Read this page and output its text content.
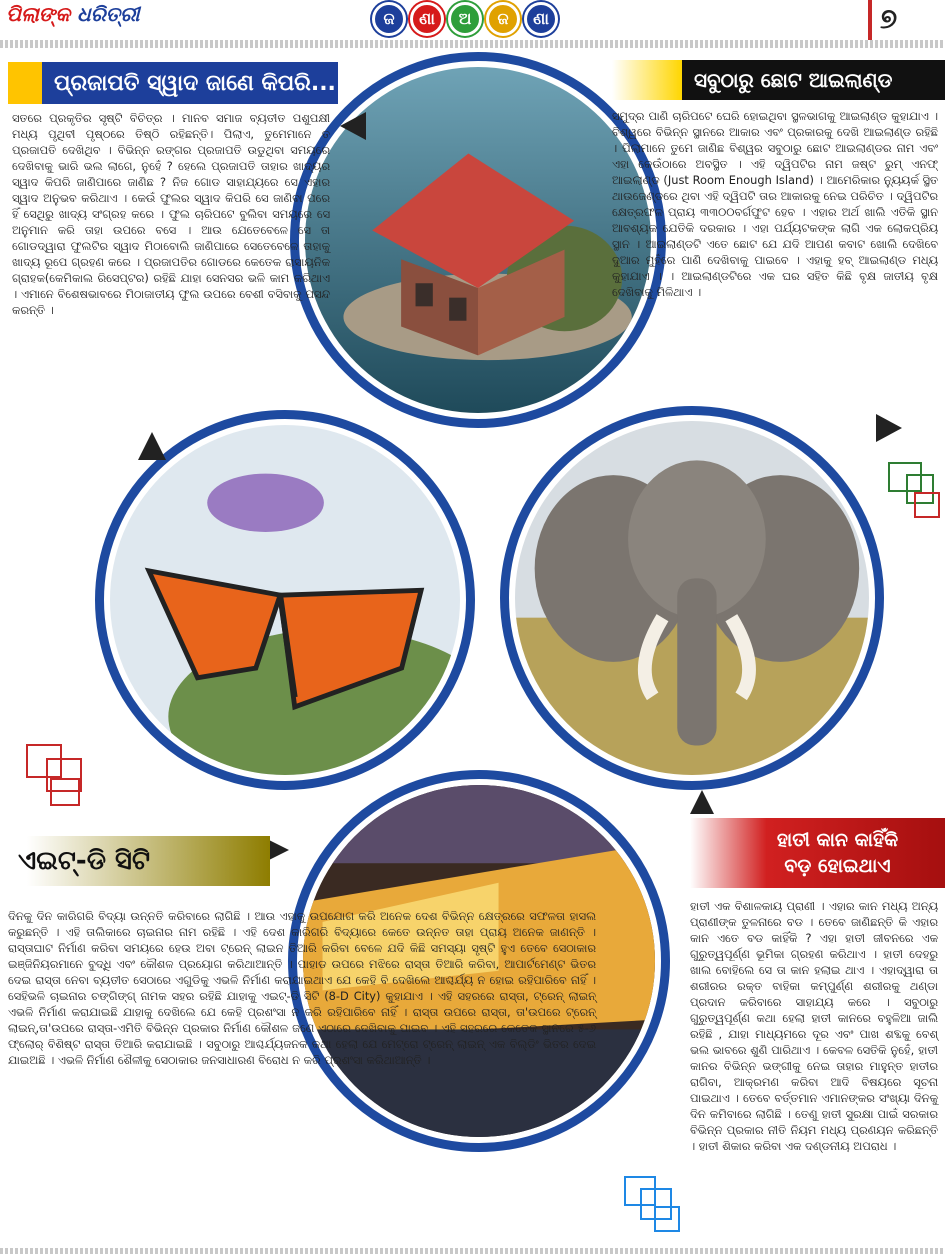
ପିଲାଙ୍କ ଧରିତ୍ରୀ	ଜ ଣା ଅ ଜ ଣା	୭
ପ୍ରଜାପତି ସ୍ୱାଦ ଜାଣେ କିପରି...	ସବୁଠାରୁ ଛୋଟ ଆଇଲାଣ୍ଡ
ଏଇଟ୍‌-ଡି ସିଟି
ହାତୀ କାନ କାହିଁକି
ବଡ଼ ହୋଇଥାଏ
ସତରେ ପ୍ରକୃତିର ସୃଷ୍ଟି ବିଚିତ୍ର । ମାନବ ସମାଜ ବ୍ୟତୀତ ପଶୁପକ୍ଷୀ ମଧ୍ୟ ପୃଥିବୀ ପୃଷ୍ଠରେ ତିଷ୍ଠି ରହିଛନ୍ତି। ପିଲାଏ, ତୁମେମାନେ ତ ପ୍ରଜାପତି ଦେଖିଥିବ । ବିଭିନ୍ନ ରଙ୍ଗର ପ୍ରଜାପତି ଉଡୁଥିବା ସମୟରେ ଦେଖିବାକୁ ଭାରି ଭଲ ଲାଗେ, ନୁହେଁ ? ହେଲେ ପ୍ରଜାପତି ତାହାର ଖାଦ୍ୟର ସ୍ୱାଦ କିପରି ଜାଣିପାରେ ଜାଣିଛ ? ନିଜ ଗୋଡ ସାହାଯ୍ୟରେ ସେ ଏହାର ସ୍ୱାଦ ଅନୁଭବ କରିଥାଏ । କେଉଁ ଫୁଲର ସ୍ୱାଦ କିପରି ସେ ଜାଣିବା ପରେ ହିଁ ସେଥିରୁ ଖାଦ୍ୟ ସଂଗ୍ରହ କରେ । ଫୁଲ ଚାରିପଟେ ବୁଲିବା ସମୟରେ ସେ ଅନୁମାନ କରି ତାହା ଉପରେ ବସେ । ଆଉ ଯେତେବେଳେ ସେ ତା ଗୋଡଦ୍ୱାରା ଫୁଲଟିର ସ୍ୱାଦ ମିଠାବୋଲି ଜାଣିପାରେ ସେତେବେଳେ ତାହାକୁ ଖାଦ୍ୟ ରୂପେ ଗ୍ରହଣ କରେ । ପ୍ରଜାପତିର ଗୋଡରେ କେତେକ ରାସାୟନିକ ଗ୍ରାହକ(କେମିକାଲ ରିସେପ୍ଟର) ରହିଛି ଯାହା ସେନସର ଭଳି କାମ କରିଥାଏ । ଏମାନେ ବିଶେଷଭାବରେ ମିଠାଜାତୀୟ ଫୁଲ ଉପରେ ବେଶୀ ବସିବାକୁ ପସନ୍ଦ କରନ୍ତି ।
ସମୁଦ୍ର ପାଣି ଚାରିପଟେ ଘେରି ହୋଇଥିବା ସ୍ଥଳଭାଗକୁ ଆଇଲାଣ୍ଡ କୁହାଯାଏ । ବିଶ୍ୱରେ ବିଭିନ୍ନ ସ୍ଥାନରେ ଆକାର ଏବଂ ପ୍ରକାରକୁ ଦେଖି ଆଇଲାଣ୍ଡ ରହିଛି । ପିଲାମାନେ ତୁମେ ଜାଣିଛ ବିଶ୍ୱର ସବୁଠାରୁ ଛୋଟ ଆଇଲାଣ୍ଡର ନାମ ଏବଂ ଏହା କେଉଁଠାରେ ଅବସ୍ଥିତ । ଏହି ଦ୍ୱିପଟିର ନାମ ଜଷ୍ଟ ରୁମ୍ ଏନଫ୍ ଆଇଲାଣ୍ଡ (Just Room Enough Island) । ଆମେରିକାର ନ୍ୟୁୟର୍କ ସ୍ଥିତ ଥାଉଜେଣ୍ଡରେ ଥିବା ଏହି ଦ୍ୱିପଟି ତାର ଆକାରକୁ ନେଇ ପରିଚିତ । ଦ୍ୱିପଟିର କ୍ଷେତ୍ରଫଳ ପ୍ରାୟ ୩୩୦୦ବର୍ଗଫୁଟ ହେବ । ଏହାର ଅର୍ଥ ଖାଲି ଏତିକି ସ୍ଥାନ ଆବଶ୍ୟକ ଯେତିକି ଦରକାର । ଏହା ପର୍ଯ୍ୟଟକଙ୍କ ଲାଗି ଏକ ଲୋକପ୍ରିୟ ସ୍ଥାନ । ଆଇଲାଣ୍ଡଟି ଏତେ ଛୋଟ ଯେ ଯଦି ଆପଣ କବାଟ ଖୋଲି ଦେଖିବେ ଦୁଆର ମୁହଁରେ ପାଣି ଦେଖିବାକୁ ପାଇବେ । ଏହାକୁ ହବ୍ ଆଇଲାଣ୍ଡ ମଧ୍ୟ କୁହାଯାଏ । । ଆଇଲାଣ୍ଡଟିରେ ଏକ ଘର ସହିତ କିଛି ବୃକ୍ଷ ଜାତୀୟ ବୃକ୍ଷ ଦେଖିବାକୁ ମିଳିଥାଏ ।
ଦିନକୁ ଦିନ କାରିଗରି ବିଦ୍ୟା ଉନ୍ନତି କରିବାରେ ଲାଗିଛି । ଆଉ ଏହାକୁ ଉପଯୋଗ କରି ଅନେକ ଦେଶ ବିଭିନ୍ନ କ୍ଷେତ୍ରରେ ସଫଳତା ହାସଲ କରୁଛନ୍ତି । ଏହି ତାଲିକାରେ ଚାଇନାର ନାମ ରହିଛି । ଏହି ଦେଶ କାରିଗରି ବିଦ୍ୟାରେ କେତେ ଉନ୍ନତ ତାହା ପ୍ରାୟ ଅନେକ ଜାଣନ୍ତି । ରାସ୍ତାଘାଟ ନିର୍ମାଣ କରିବା ସମୟରେ ହେଉ ଅବା ଟ୍ରେନ୍ ଲାଇନ ତିଆରି କରିବା ବେଳେ ଯଦି କିଛି ସମସ୍ୟା ସୃଷ୍ଟି ହୁଏ ତେବେ ସେଠାକାର ଇଞ୍ଜିନିୟରମାନେ ବୁଦ୍ଧି ଏବଂ କୌଶଳ ପ୍ରୟୋଗ କରିଥାଆନ୍ତି । ପାହାଡ ଉପରେ ମଝିରେ ରାସ୍ତା ତିଆରି କରିବା, ଆପାର୍ଟମେଣ୍ଟ ଭିତର ଦେଇ ରାସ୍ତା ନେବା ବ୍ୟତୀତ ସେଠାରେ ଏଗୁଡିକୁ ଏଭଳି ନିର୍ମାଣ କରାଯାଇଥାଏ ଯେ କେହି ବି ଦେଖିଲେ ଆଶ୍ଚର୍ଯ୍ୟ ନ ହୋଇ ରହିପାରିବେ ନାହିଁ । ସେହିଭଳି ଚାଇନାର ଚଙ୍ଗିଙ୍ଗ୍ ନାମକ ସହର ରହିଛି ଯାହାକୁ ଏଇଟ୍‌-ଡି ସିଟି (8-D City) କୁହାଯାଏ । ଏହି ସହରରେ ରାସ୍ତା, ଟ୍ରେନ୍ ଲାଇନ୍ ଏଭଳି ନିର୍ମାଣ କରାଯାଇଛି ଯାହାକୁ ଦେଖିଲେ ଯେ କେହି ପ୍ରଶଂସା ନ କରି ରହିପାରିବେ ନାହିଁ । ରାସ୍ତା ଉପରେ ରାସ୍ତା, ତା'ଉପରେ ଟ୍ରେନ୍ ଲାଇନ୍,ତା'ଉପରେ ରାସ୍ତା-ଏମିତି ବିଭିନ୍ନ ପ୍ରକାର ନିର୍ମାଣ କୌଶଳ ଜଣେ ଏଠାରେ ଦେଖିବାକୁ ପାଇବ । ଏହି ସହରରେ କେତେକ ସ୍ଥାନରେ ୫-୬ ଫ୍ଲୋର୍ ବିଶିଷ୍ଟ ରାସ୍ତା ତିଆରି କରାଯାଇଛି । ସବୁଠାରୁ ଆଶ୍ଚର୍ଯ୍ୟଜନକ କଥା ହେଲା ଯେ ମେଟ୍ରୋ ଟ୍ରେନ୍ ଲାଇନ୍ ଏକ ବିଲ୍ଡିଂ ଭିତର ଦେଇ ଯାଇଅଛି । ଏଭଳି ନିର୍ମାଣ ଶୈଳୀକୁ ସେଠାକାର ଜନସାଧାରଣ ବିରୋଧ ନ କରି ପ୍ରଶଂସା କରିଥାଆନ୍ତି ।
ହାତୀ ଏକ ବିଶାଳକାୟ ପ୍ରାଣୀ । ଏହାର କାନ ମଧ୍ୟ ଅନ୍ୟ ପ୍ରାଣୀଙ୍କ ତୁଳନାରେ ବଡ । ତେବେ ଜାଣିଛନ୍ତି କି ଏହାର କାନ ଏତେ ବଡ କାହିଁକି ? ଏହା ହାତୀ ଜୀବନରେ ଏକ ଗୁରୁତ୍ୱପୂର୍ଣ୍ଣ ଭୂମିକା ଗ୍ରହଣ କରିଥାଏ । ହାତୀ ଦେହରୁ ଖାଲ ବୋହିଲେ ସେ ତା କାନ ହଲାଇ ଥାଏ । ଏହାଦ୍ୱାରା ତା ଶରୀରର ରକ୍ତ ବାହିକା କମ୍ପୁର୍ଣ୍ଣ ଶରୀରକୁ ଥଣ୍ଡା ପ୍ରଦାନ କରିବାରେ ସାହାଯ୍ୟ କରେ । ସବୁଠାରୁ ଗୁରୁତ୍ୱପୂର୍ଣ୍ଣ କଥା ହେଲା ହାତୀ କାନରେ ବହୁଳିଆ ଜାଲି ରହିଛି , ଯାହା ମାଧ୍ୟମରେ ଦୂର ଏବଂ ପାଖ ଶବ୍ଦକୁ ବେଶ୍ ଭଲ ଭାବରେ ଶୁଣି ପାରିଥାଏ । କେବଳ ସେତିକି ନୁହେଁ, ହାତୀ କାନର ବିଭିନ୍ନ ଭଙ୍ଗୀକୁ ନେଇ ତାହାର ମାହୁନ୍ତ ହାତୀର ରାଗିବା, ଆକ୍ରମଣ କରିବା ଆଦି ବିଷୟରେ ସୂଚନା ପାଇଥାଏ । ତେବେ ବର୍ତ୍ତମାନ ଏମାନଙ୍କର ସଂଖ୍ୟା ଦିନକୁ ଦିନ କମିବାରେ ଲାଗିଛି । ତେଣୁ ହାତୀ ସୁରକ୍ଷା ପାଇଁ ସରକାର ବିଭିନ୍ନ ପ୍ରକାର ନୀତି ନିୟମ ମଧ୍ୟ ପ୍ରଣୟନ କରିଛନ୍ତି । ହାତୀ ଶିକାର କରିବା ଏକ ଦଣ୍ଡନୀୟ ଅପରାଧ ।
